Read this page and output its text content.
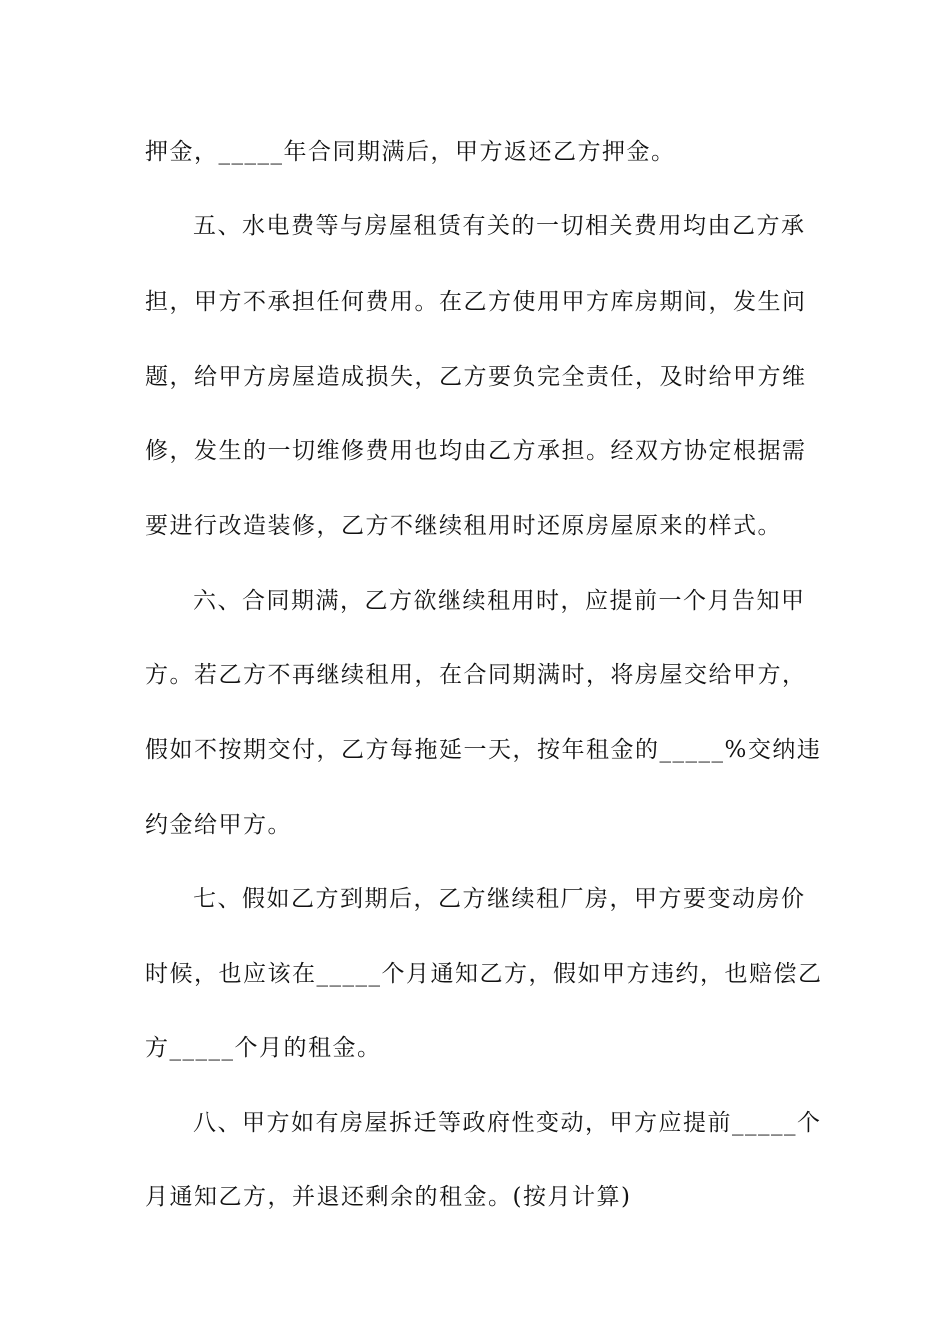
押金，_____年合同期满后，甲方返还乙方押金。
五、水电费等与房屋租赁有关的一切相关费用均由乙方承
担，甲方不承担任何费用。在乙方使用甲方库房期间，发生问
题，给甲方房屋造成损失，乙方要负完全责任，及时给甲方维
修，发生的一切维修费用也均由乙方承担。经双方协定根据需
要进行改造装修，乙方不继续租用时还原房屋原来的样式。
六、合同期满，乙方欲继续租用时，应提前一个月告知甲
方。若乙方不再继续租用，在合同期满时，将房屋交给甲方，
假如不按期交付，乙方每拖延一天，按年租金的_____%交纳违
约金给甲方。
七、假如乙方到期后，乙方继续租厂房，甲方要变动房价
时候，也应该在_____个月通知乙方，假如甲方违约，也赔偿乙
方_____个月的租金。
八、甲方如有房屋拆迁等政府性变动，甲方应提前_____个
月通知乙方，并退还剩余的租金。(按月计算)
